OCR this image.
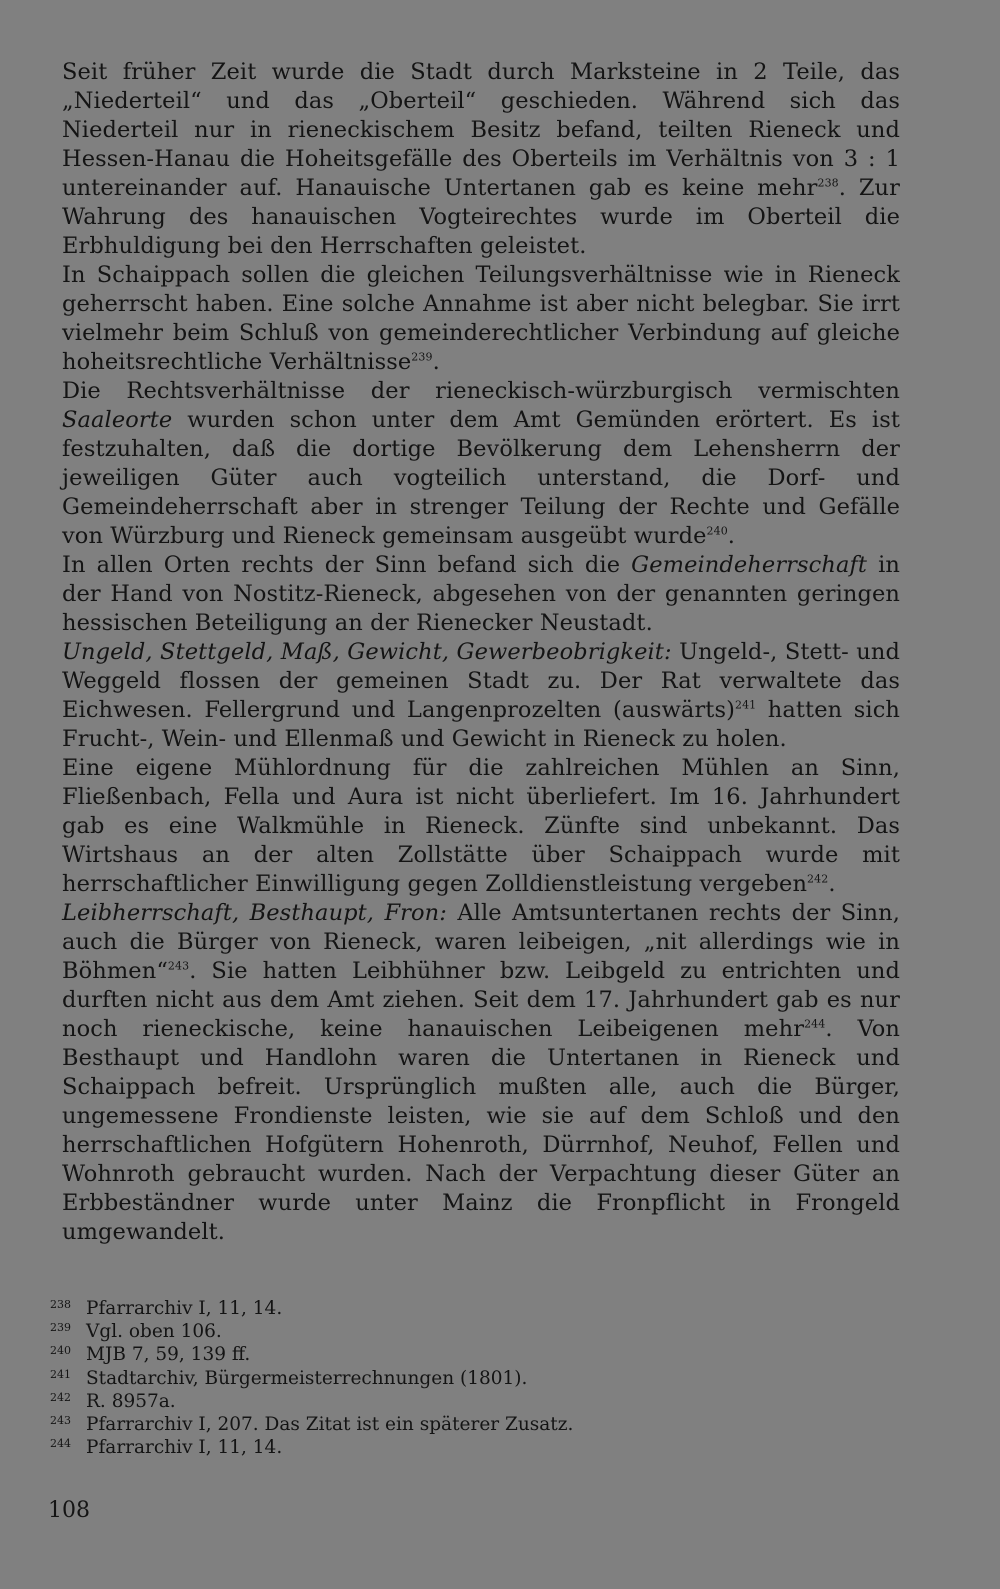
Seit früher Zeit wurde die Stadt durch Marksteine in 2 Teile, das „Niederteil“ und das „Oberteil“ geschieden. Während sich das Niederteil nur in rieneckischem Besitz befand, teilten Rieneck und Hessen-Hanau die Hoheitsgefälle des Oberteils im Verhältnis von 3 : 1 untereinander auf. Hanauische Untertanen gab es keine mehr$^{238}$. Zur Wahrung des hanauischen Vogteirechtes wurde im Oberteil die Erbhuldigung bei den Herrschaften geleistet.

In Schaippach sollen die gleichen Teilungsverhältnisse wie in Rieneck geherrscht haben. Eine solche Annahme ist aber nicht belegbar. Sie irrt vielmehr beim Schluß von gemeinderechtlicher Verbindung auf gleiche hoheitsrechtliche Verhältnisse$^{239}$.

Die Rechtsverhältnisse der rieneckisch-würzburgisch vermischten Saaleorte wurden schon unter dem Amt Gemünden erörtert. Es ist festzuhalten, daß die dortige Bevölkerung dem Lehensherrn der jeweiligen Güter auch vogteilich unterstand, die Dorf- und Gemeindeherrschaft aber in strenger Teilung der Rechte und Gefälle von Würzburg und Rieneck gemeinsam ausgeübt wurde$^{240}$.

In allen Orten rechts der Sinn befand sich die Gemeindeherrschaft in der Hand von Nostitz-Rieneck, abgesehen von der genannten geringen hessischen Beteiligung an der Rienecker Neustadt.

Ungeld, Stettgeld, Maß, Gewicht, Gewerbeobrigkeit: Ungeld-, Stett- und Weggeld flossen der gemeinen Stadt zu. Der Rat verwaltete das Eichwesen. Fellergrund und Langenprozelten (auswärts)$^{241}$ hatten sich Frucht-, Wein- und Ellenmaß und Gewicht in Rieneck zu holen.

Eine eigene Mühlordnung für die zahlreichen Mühlen an Sinn, Fließenbach, Fella und Aura ist nicht überliefert. Im 16. Jahrhundert gab es eine Walkmühle in Rieneck. Zünfte sind unbekannt. Das Wirtshaus an der alten Zollstätte über Schaippach wurde mit herrschaftlicher Einwilligung gegen Zolldienstleistung vergeben$^{242}$.

Leibherrschaft, Besthaupt, Fron: Alle Amtsuntertanen rechts der Sinn, auch die Bürger von Rieneck, waren leibeigen, „nit allerdings wie in Böhmen“$^{243}$. Sie hatten Leibhühner bzw. Leibgeld zu entrichten und durften nicht aus dem Amt ziehen. Seit dem 17. Jahrhundert gab es nur noch rieneckische, keine hanauischen Leibeigenen mehr$^{244}$. Von Besthaupt und Handlohn waren die Untertanen in Rieneck und Schaippach befreit. Ursprünglich mußten alle, auch die Bürger, ungemessene Frondienste leisten, wie sie auf dem Schloß und den herrschaftlichen Hofgütern Hohenroth, Dürrnhof, Neuhof, Fellen und Wohnroth gebraucht wurden. Nach der Verpachtung dieser Güter an Erbbeständner wurde unter Mainz die Fronpflicht in Frongeld umgewandelt.

238 Pfarrarchiv I, 11, 14.
239 Vgl. oben 106.
240 MJB 7, 59, 139 ff.
241 Stadtarchiv, Bürgermeisterrechnungen (1801).
242 R. 8957a.
243 Pfarrarchiv I, 207. Das Zitat ist ein späterer Zusatz.
244 Pfarrarchiv I, 11, 14.
108
